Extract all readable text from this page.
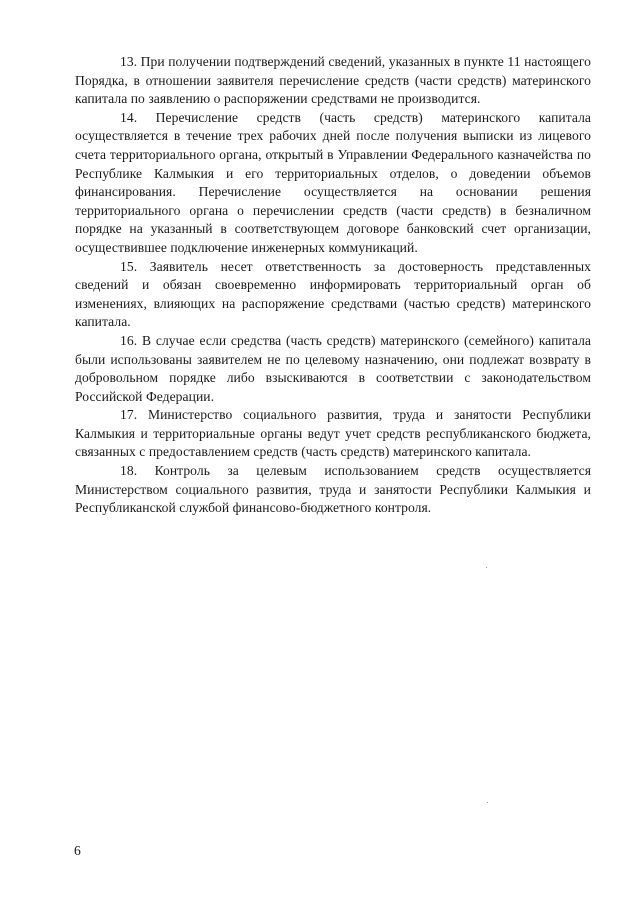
13. При получении подтверждений сведений, указанных в пункте 11 настоящего Порядка, в отношении заявителя перечисление средств (части средств) материнского капитала по заявлению о распоряжении средствами не производится.

14. Перечисление средств (часть средств) материнского капитала осуществляется в течение трех рабочих дней после получения выписки из лицевого счета территориального органа, открытый в Управлении Федерального казначейства по Республике Калмыкия и его территориальных отделов, о доведении объемов финансирования. Перечисление осуществляется на основании решения территориального органа о перечислении средств (части средств) в безналичном порядке на указанный в соответствующем договоре банковский счет организации, осуществившее подключение инженерных коммуникаций.

15. Заявитель несет ответственность за достоверность представленных сведений и обязан своевременно информировать территориальный орган об изменениях, влияющих на распоряжение средствами (частью средств) материнского капитала.

16. В случае если средства (часть средств) материнского (семейного) капитала были использованы заявителем не по целевому назначению, они подлежат возврату в добровольном порядке либо взыскиваются в соответствии с законодательством Российской Федерации.

17. Министерство социального развития, труда и занятости Республики Калмыкия и территориальные органы ведут учет средств республиканского бюджета, связанных с предоставлением средств (часть средств) материнского капитала.

18. Контроль за целевым использованием средств осуществляется Министерством социального развития, труда и занятости Республики Калмыкия и Республиканской службой финансово-бюджетного контроля.

6
